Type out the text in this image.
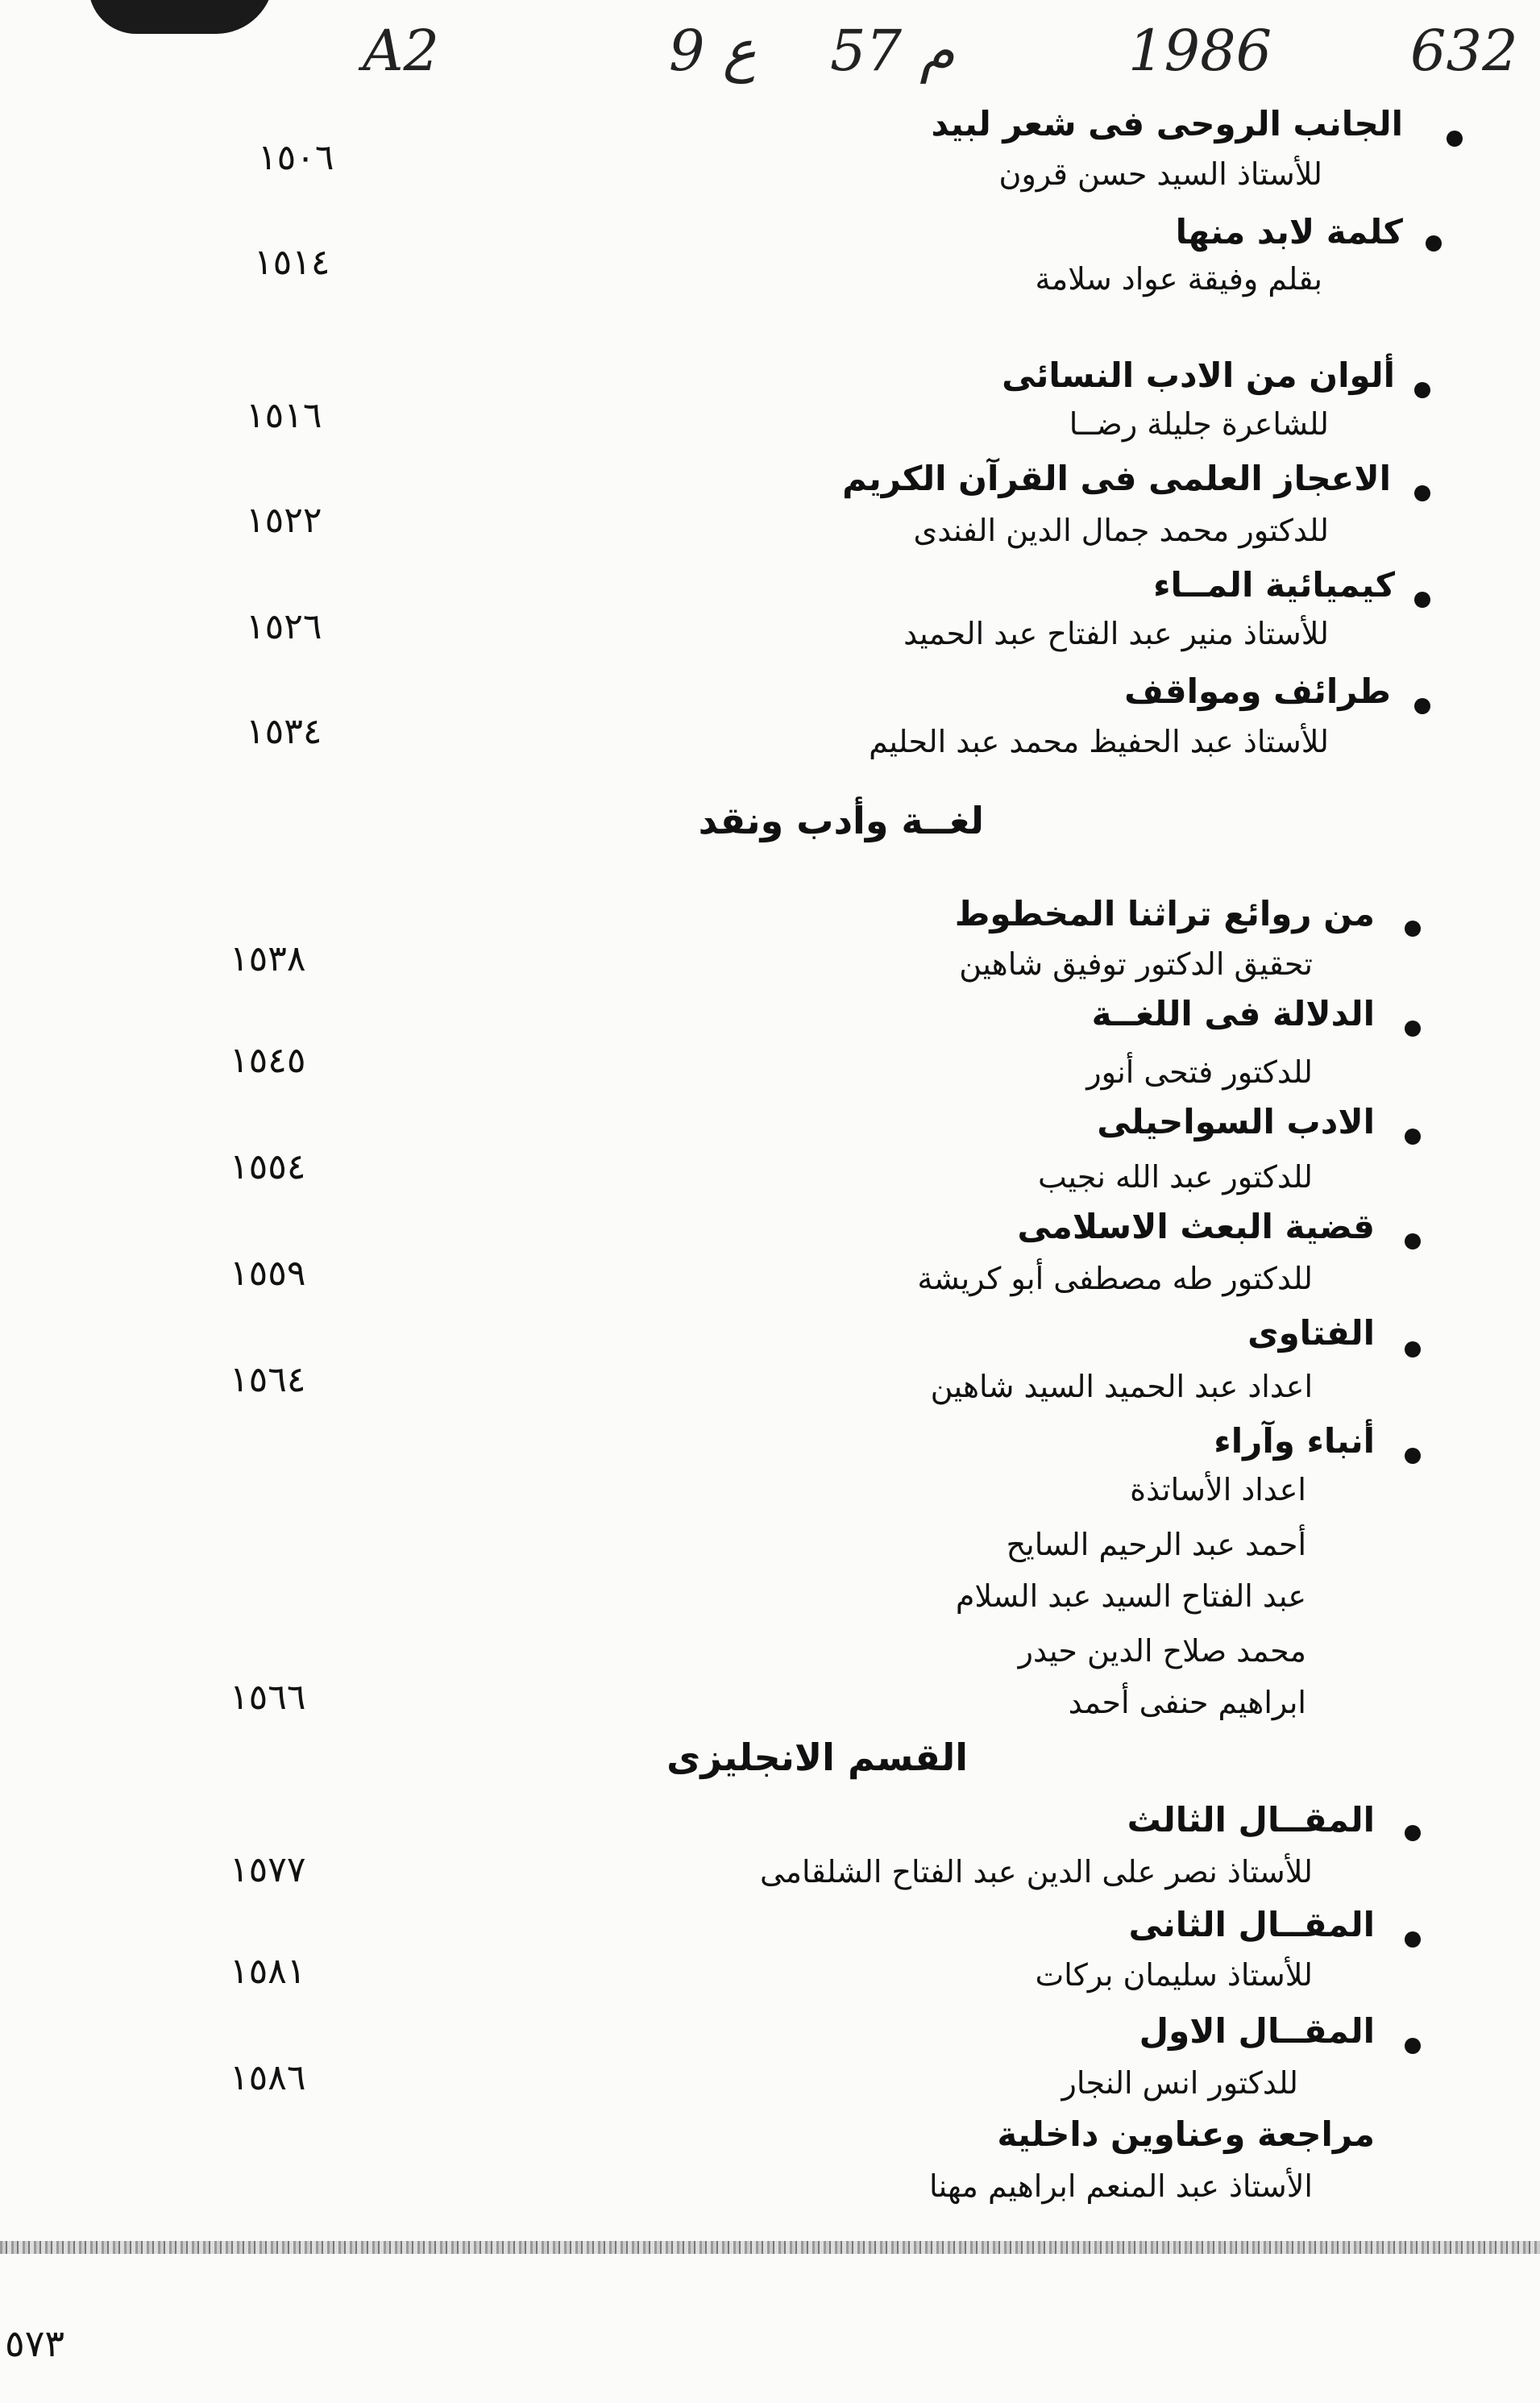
A2	9 ع 57 م	1986 632
الجانب الروحى فى شعر لبيد
للأستاذ السيد حسن قرون
١٥٠٦
كلمة لابد منها
بقلم وفيقة عواد سلامة
١٥١٤
ألوان من الادب النسائى
للشاعرة جليلة رضــا
١٥١٦
الاعجاز العلمى فى القرآن الكريم
للدكتور محمد جمال الدين الفندى
١٥٢٢
كيميائية المــاء
للأستاذ منير عبد الفتاح عبد الحميد
١٥٢٦
طرائف ومواقف
للأستاذ عبد الحفيظ محمد عبد الحليم
١٥٣٤
لغــة وأدب ونقد
من روائع تراثنا المخطوط
تحقيق الدكتور توفيق شاهين
١٥٣٨
الدلالة فى اللغــة
للدكتور فتحى أنور
١٥٤٥
الادب السواحيلى
للدكتور عبد الله نجيب
١٥٥٤
قضية البعث الاسلامى
للدكتور طه مصطفى أبو كريشة
١٥٥٩
الفتاوى
اعداد عبد الحميد السيد شاهين
١٥٦٤
أنباء وآراء
اعداد الأساتذة
أحمد عبد الرحيم السايح
عبد الفتاح السيد عبد السلام
محمد صلاح الدين حيدر
ابراهيم حنفى أحمد
١٥٦٦
القسم الانجليزى
المقــال الثالث
للأستاذ نصر على الدين عبد الفتاح الشلقامى
١٥٧٧
المقــال الثانى
للأستاذ سليمان بركات
١٥٨١
المقــال الاول
للدكتور انس النجار
١٥٨٦
مراجعة وعناوين داخلية
الأستاذ عبد المنعم ابراهيم مهنا
٥٧٣
